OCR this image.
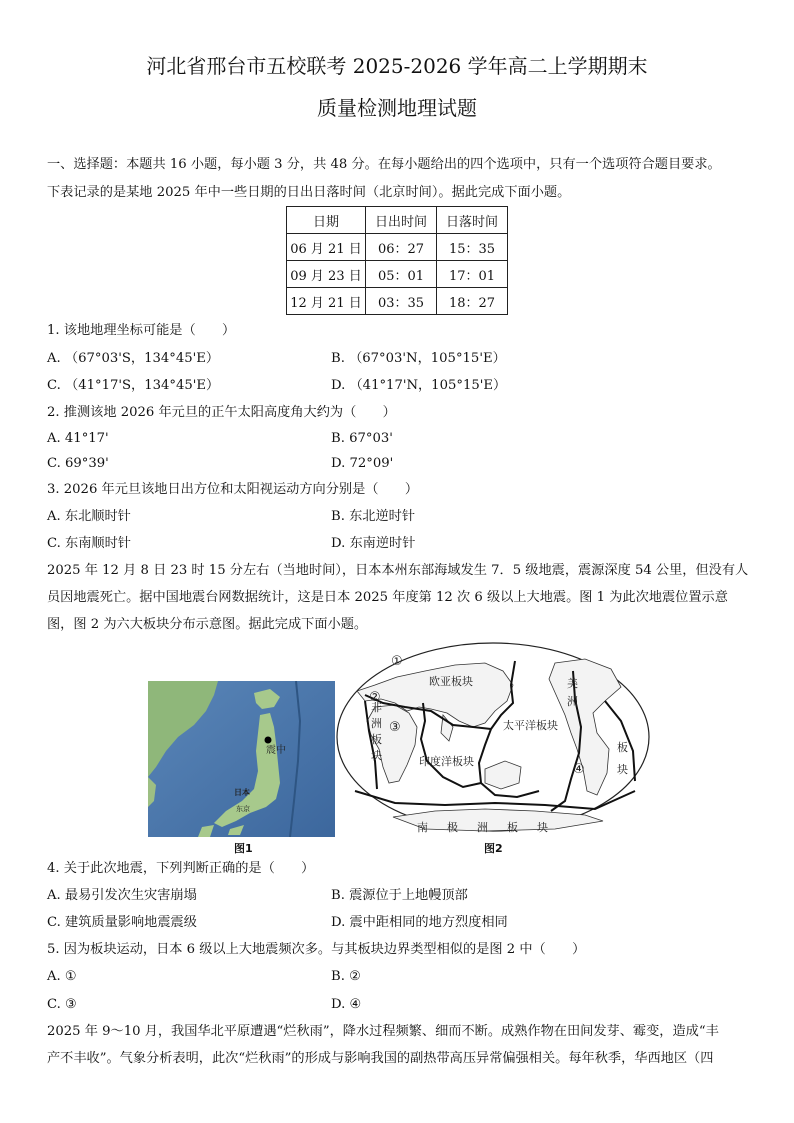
河北省邢台市五校联考 2025-2026 学年高二上学期期末
质量检测地理试题
一、选择题：本题共 16 小题，每小题 3 分，共 48 分。在每小题给出的四个选项中，只有一个选项符合题目要求。
下表记录的是某地 2025 年中一些日期的日出日落时间（北京时间）。据此完成下面小题。
日期	日出时间	日落时间
06 月 21 日	06：27	15：35
09 月 23 日	05：01	17：01
12 月 21 日	03：35	18：27
1. 该地地理坐标可能是（　　）
A. （67°03'S，134°45'E）	B. （67°03'N，105°15'E）
C. （41°17'S，134°45'E）	D. （41°17'N，105°15'E）
2. 推测该地 2026 年元旦的正午太阳高度角大约为（　　）
A. 41°17'	B. 67°03'
C. 69°39'	D. 72°09'
3. 2026 年元旦该地日出方位和太阳视运动方向分别是（　　）
A. 东北顺时针	B. 东北逆时针
C. 东南顺时针	D. 东南逆时针
2025 年 12 月 8 日 23 时 15 分左右（当地时间），日本本州东部海域发生 7．5 级地震，震源深度 54 公里，但没有人
员因地震死亡。据中国地震台网数据统计，这是日本 2025 年度第 12 次 6 级以上大地震。图 1 为此次地震位置示意
图，图 2 为六大板块分布示意图。据此完成下面小题。
震中
日本
东京
图1
欧亚板块
非
洲
板
块
太平洋板块
印度洋板块
美
洲
板
块
南 极 洲 板 块
①
②
③
④
图2
4. 关于此次地震，下列判断正确的是（　　）
A. 最易引发次生灾害崩塌	B. 震源位于上地幔顶部
C. 建筑质量影响地震震级	D. 震中距相同的地方烈度相同
5. 因为板块运动，日本 6 级以上大地震频次多。与其板块边界类型相似的是图 2 中（　　）
A. ①	B. ②
C. ③	D. ④
2025 年 9～10 月，我国华北平原遭遇“烂秋雨”，降水过程频繁、细而不断。成熟作物在田间发芽、霉变，造成“丰
产不丰收”。气象分析表明，此次“烂秋雨”的形成与影响我国的副热带高压异常偏强相关。每年秋季，华西地区（四
